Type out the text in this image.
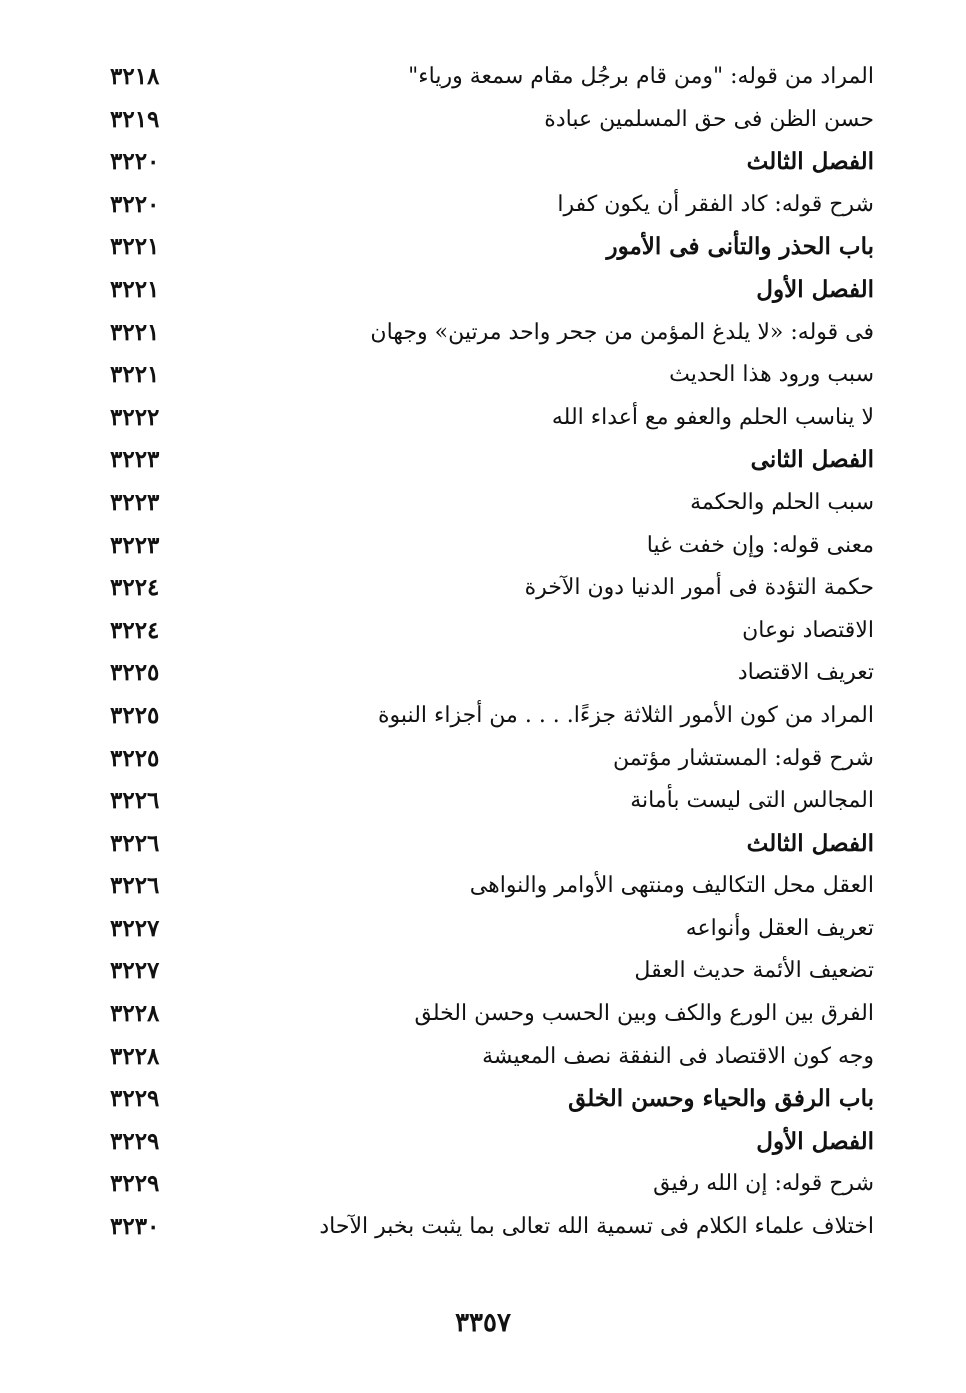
المراد من قوله: "ومن قام برجُل مقام سمعة ورياء"
٣٢١٨
حسن الظن فى حق المسلمين عبادة
٣٢١٩
الفصل الثالث
٣٢٢٠
شرح قوله: كاد الفقر أن يكون كفرا
٣٢٢٠
باب الحذر والتأنى فى الأمور
٣٢٢١
الفصل الأول
٣٢٢١
فى قوله: «لا يلدغ المؤمن من جحر واحد مرتين» وجهان
٣٢٢١
سبب ورود هذا الحديث
٣٢٢١
لا يناسب الحلم والعفو مع أعداء الله
٣٢٢٢
الفصل الثانى
٣٢٢٣
سبب الحلم والحكمة
٣٢٢٣
معنى قوله: وإن خفت غيا
٣٢٢٣
حكمة التؤدة فى أمور الدنيا دون الآخرة
٣٢٢٤
الاقتصاد نوعان
٣٢٢٤
تعريف الاقتصاد
٣٢٢٥
المراد من كون الأمور الثلاثة جزءًا. . . . من أجزاء النبوة
٣٢٢٥
شرح قوله: المستشار مؤتمن
٣٢٢٥
المجالس التى ليست بأمانة
٣٢٢٦
الفصل الثالث
٣٢٢٦
العقل محل التكاليف ومنتهى الأوامر والنواهى
٣٢٢٦
تعريف العقل وأنواعه
٣٢٢٧
تضعيف الأئمة حديث العقل
٣٢٢٧
الفرق بين الورع والكف وبين الحسب وحسن الخلق
٣٢٢٨
وجه كون الاقتصاد فى النفقة نصف المعيشة
٣٢٢٨
باب الرفق والحياء وحسن الخلق
٣٢٢٩
الفصل الأول
٣٢٢٩
شرح قوله: إن الله رفيق
٣٢٢٩
اختلاف علماء الكلام فى تسمية الله تعالى بما يثبت بخبر الآحاد
٣٢٣٠
٣٣٥٧
